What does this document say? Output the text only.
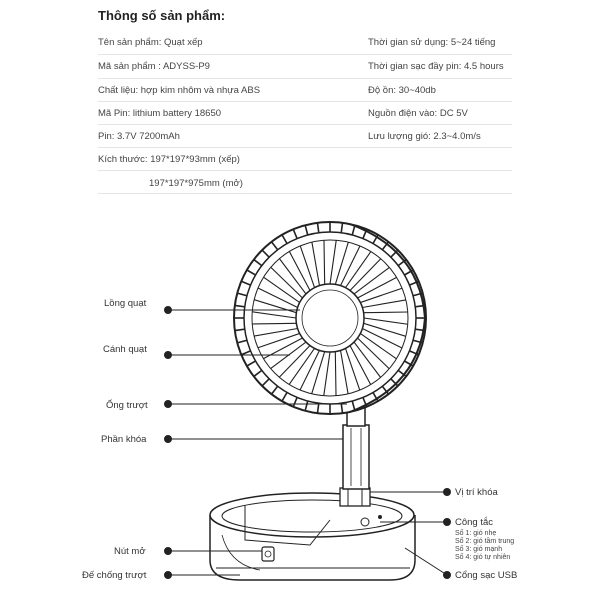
Thông số sản phẩm:
Tên sản phẩm: Quạt xếp
Mã sản phẩm : ADYSS-P9
Chất liệu: hợp kim nhôm và nhựa ABS
Mã Pin: lithium battery 18650
Pin: 3.7V 7200mAh
Kích thước: 197*197*93mm (xếp)
197*197*975mm (mở)
Thời gian sử dụng: 5~24 tiếng
Thời gian sạc đầy pin: 4.5 hours
Độ ồn: 30~40db
Nguồn điện vào: DC 5V
Lưu lượng gió: 2.3~4.0m/s
Lồng quạt
Cánh quạt
Ống trượt
Phần khóa
Nút mở
Đế chống trượt
Vị trí khóa
Công tắc
Số 1: gió nhẹ
Số 2: gió tầm trung
Số 3: gió mạnh
Số 4: gió tự nhiên
Cổng sạc USB
